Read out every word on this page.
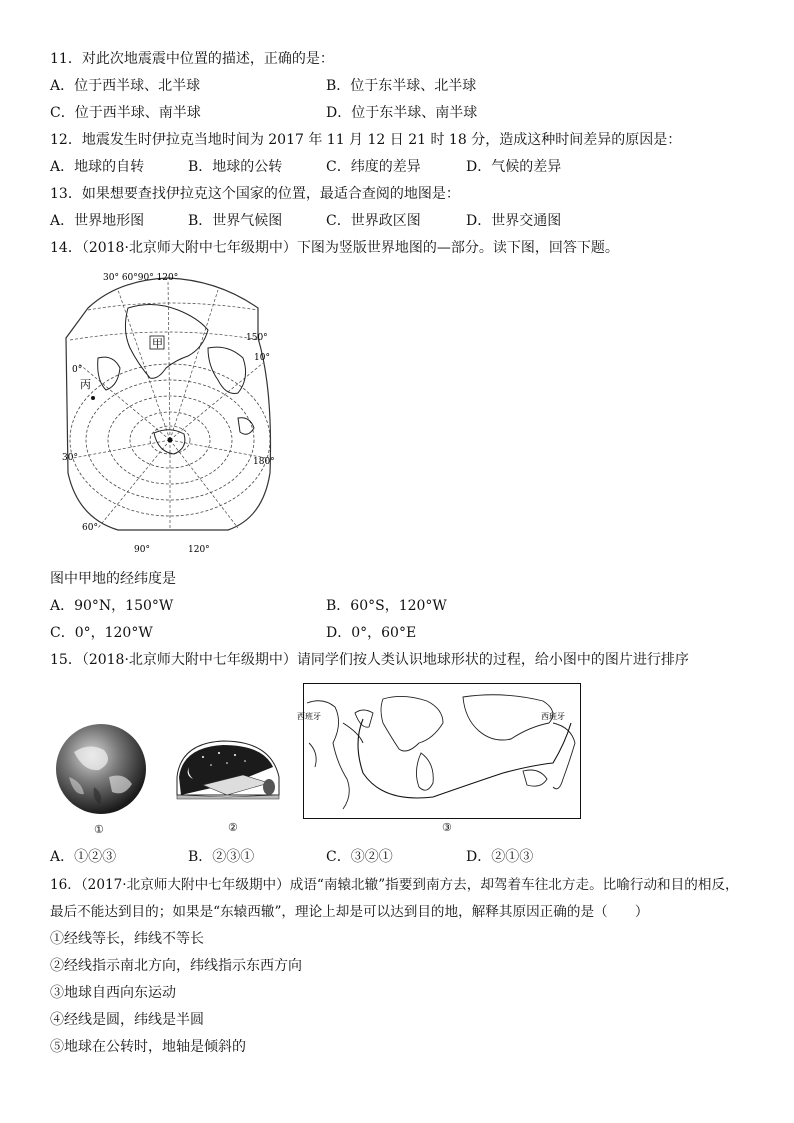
11．对此次地震震中位置的描述，正确的是：
A．位于西半球、北半球	B．位于东半球、北半球
C．位于西半球、南半球	D．位于东半球、南半球
12．地震发生时伊拉克当地时间为 2017 年 11 月 12 日 21 时 18 分，造成这种时间差异的原因是：
A．地球的自转	B．地球的公转	C．纬度的差异	D．气候的差异
13．如果想要查找伊拉克这个国家的位置，最适合查阅的地图是：
A．世界地形图	B．世界气候图	C．世界政区图	D．世界交通图
14．（2018·北京师大附中七年级期中）下图为竖版世界地图的—部分。读下图，回答下题。
甲
丙
30° 60°90° 120°
150°
10°
180°
0°
30°
60°
90°	120°
图中甲地的经纬度是
A．90°N，150°W	B．60°S，120°W
C．0°，120°W	D．0°，60°E
15．（2018·北京师大附中七年级期中）请同学们按人类认识地球形状的过程，给小图中的图片进行排序
①	②
西班牙	西班牙
③
A．①②③	B．②③①	C．③②①	D．②①③
16．（2017·北京师大附中七年级期中）成语“南辕北辙”指要到南方去，却驾着车往北方走。比喻行动和目的相反，
最后不能达到目的；如果是“东辕西辙”，理论上却是可以达到目的地，解释其原因正确的是（　　）
①经线等长，纬线不等长
②经线指示南北方向，纬线指示东西方向
③地球自西向东运动
④经线是圆，纬线是半圆
⑤地球在公转时，地轴是倾斜的
